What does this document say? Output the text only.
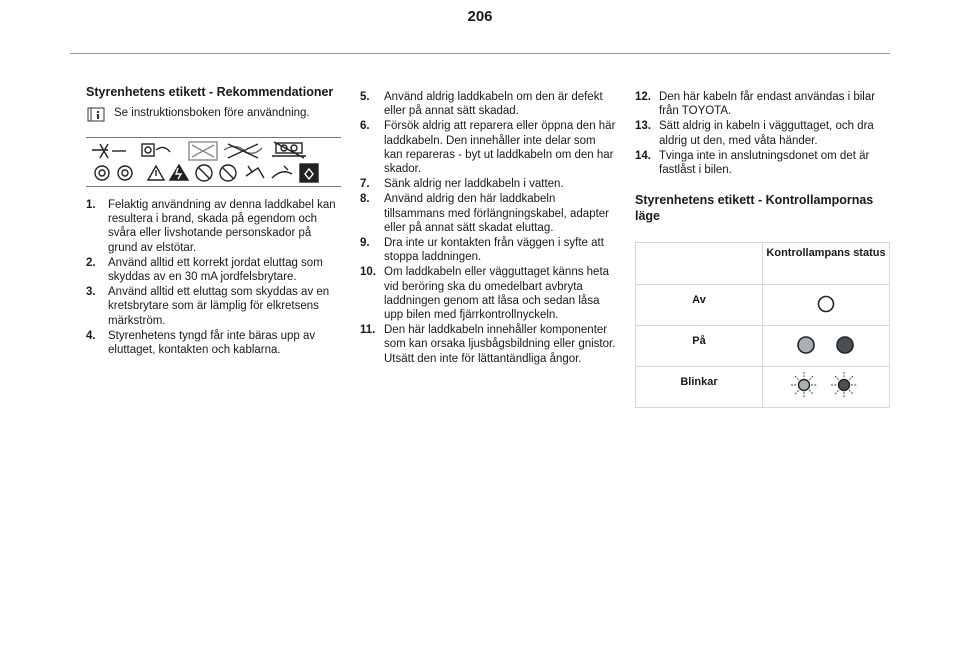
206
Styrenhetens etikett - Rekommendationer
Se instruktionsboken före användning.
1.	Felaktig användning av denna laddkabel kan resultera i brand, skada på egendom och svåra eller livshotande personskador på grund av elstötar.
2.	Använd alltid ett korrekt jordat eluttag som skyddas av en 30 mA jordfelsbrytare.
3.	Använd alltid ett eluttag som skyddas av en kretsbrytare som är lämplig för elkretsens märkström.
4.	Styrenhetens tyngd får inte bäras upp av eluttaget, kontakten och kablarna.
5.	Använd aldrig laddkabeln om den är defekt eller på annat sätt skadad.
6.	Försök aldrig att reparera eller öppna den här laddkabeln. Den innehåller inte delar som kan repareras - byt ut laddkabeln om den har skador.
7.	Sänk aldrig ner laddkabeln i vatten.
8.	Använd aldrig den här laddkabeln tillsammans med förlängningskabel, adapter eller på annat sätt skadat eluttag.
9.	Dra inte ur kontakten från väggen i syfte att stoppa laddningen.
10. Om laddkabeln eller vägguttaget känns heta vid beröring ska du omedelbart avbryta laddningen genom att låsa och sedan låsa upp bilen med fjärrkontrollnyckeln.
11. Den här laddkabeln innehåller komponenter som kan orsaka ljusbågsbildning eller gnistor. Utsätt den inte för lättantändliga ångor.
12. Den här kabeln får endast användas i bilar från TOYOTA.
13. Sätt aldrig in kabeln i vägguttaget, och dra aldrig ut den, med våta händer.
14. Tvinga inte in anslutningsdonet om det är fastlåst i bilen.
Styrenhetens etikett - Kontrollampornas läge
	Kontrollampans status
Av	

På	

Blinkar	
